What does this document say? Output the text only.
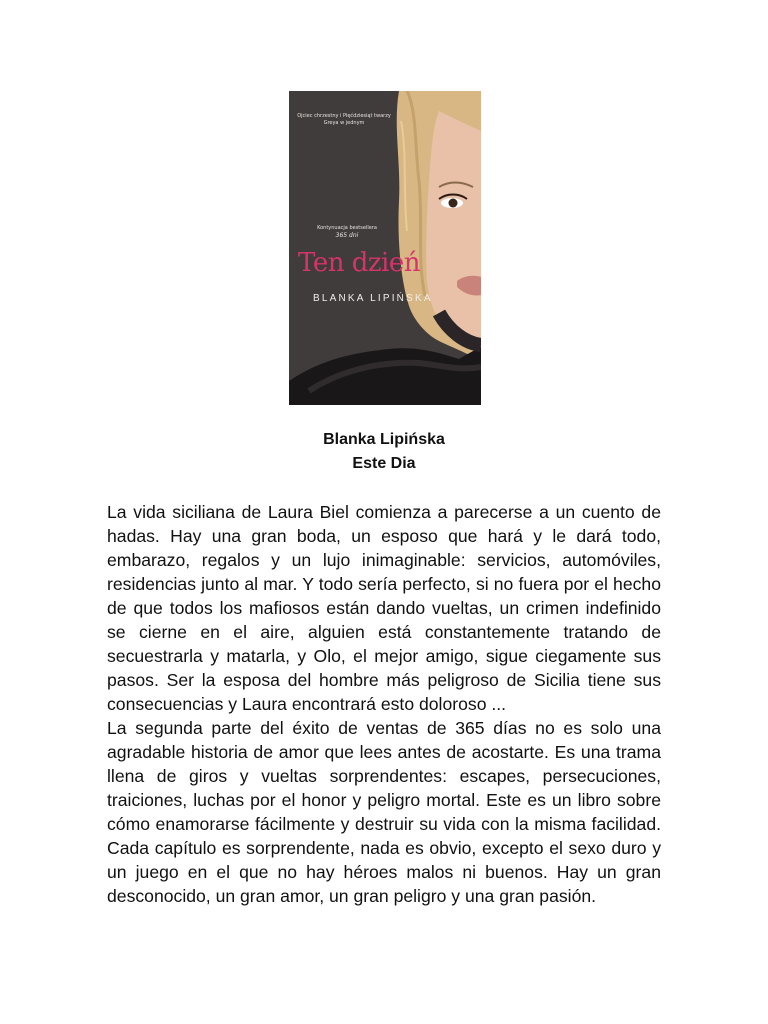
Ojciec chrzestny i Pięćdziesiąt twarzy Greya w jednym
Kontynuacja bestsellera
365 dni
Ten dzień
BLANKA LIPIŃSKA
Blanka Lipińska
Este Dia

La vida siciliana de Laura Biel comienza a parecerse a un cuento de hadas. Hay una gran boda, un esposo que hará y le dará todo, embarazo, regalos y un lujo inimaginable: servicios, automóviles, residencias junto al mar. Y todo sería perfecto, si no fuera por el hecho de que todos los mafiosos están dando vueltas, un crimen indefinido se cierne en el aire, alguien está constantemente tratando de secuestrarla y matarla, y Olo, el mejor amigo, sigue ciegamente sus pasos. Ser la esposa del hombre más peligroso de Sicilia tiene sus consecuencias y Laura encontrará esto doloroso ...

La segunda parte del éxito de ventas de 365 días no es solo una agradable historia de amor que lees antes de acostarte. Es una trama llena de giros y vueltas sorprendentes: escapes, persecuciones, traiciones, luchas por el honor y peligro mortal. Este es un libro sobre cómo enamorarse fácilmente y destruir su vida con la misma facilidad. Cada capítulo es sorprendente, nada es obvio, excepto el sexo duro y un juego en el que no hay héroes malos ni buenos. Hay un gran desconocido, un gran amor, un gran peligro y una gran pasión.
